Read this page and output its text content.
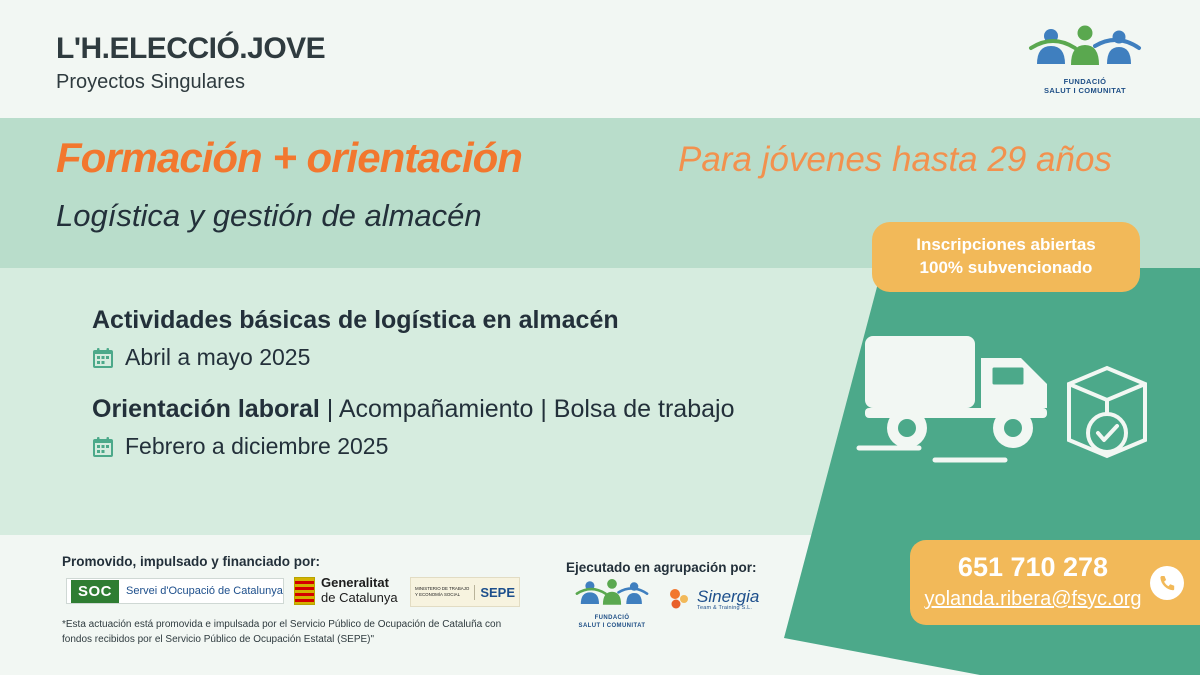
L'H.ELECCIÓ.JOVE

Proyectos Singulares	FUNDACIÓ
SALUT I COMUNITAT
Formación + orientación	Para jóvenes hasta 29 años
Logística y gestión de almacén
Inscripciones abiertas
100% subvencionado
Actividades básicas de logística en almacén
Abril a mayo 2025
Orientación laboral | Acompañamiento | Bolsa de trabajo
Febrero a diciembre 2025
651 710 278
yolanda.ribera@fsyc.org
Promovido, impulsado y financiado por:	Ejecutado en agrupación por:
SOC	Servei d'Ocupació de Catalunya
Generalitat
de Catalunya
MINISTERIO DE TRABAJO Y ECONOMÍA SOCIAL	SEPE
FUNDACIÓ
SALUT I COMUNITAT
Sinergia
Team & Training S.L.
*Esta actuación está promovida e impulsada por el Servicio Público de Ocupación de Cataluña con fondos recibidos por el Servicio Público de Ocupación Estatal (SEPE)"
